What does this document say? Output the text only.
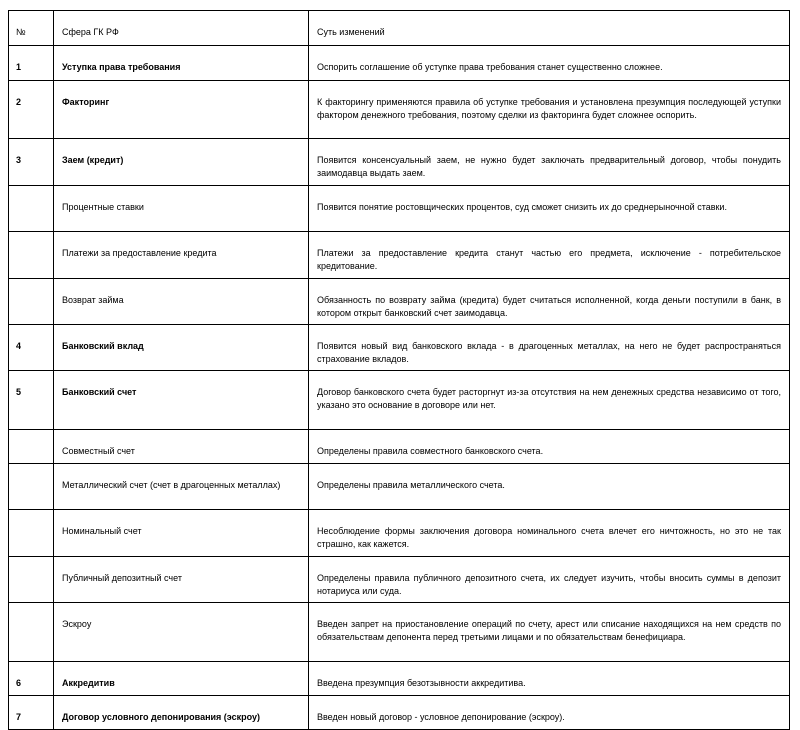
№	Сфера ГК РФ	Суть изменений
1	Уступка права требования	Оспорить соглашение об уступке права требования станет существенно сложнее.
2	Факторинг	К факторингу применяются правила об уступке требования и установлена презумпция последующей уступки фактором денежного требования, поэтому сделки из факторинга будет сложнее оспорить.
3	Заем (кредит)	Появится консенсуальный заем, не нужно будет заключать предварительный договор, чтобы понудить заимодавца выдать заем.
	Процентные ставки	Появится понятие ростовщических процентов, суд сможет снизить их до среднерыночной ставки.
	Платежи за предоставление кредита	Платежи за предоставление кредита станут частью его предмета, исключение - потребительское кредитование.
	Возврат займа	Обязанность по возврату займа (кредита) будет считаться исполненной, когда деньги поступили в банк, в котором открыт банковский счет заимодавца.
4	Банковский вклад	Появится новый вид банковского вклада - в драгоценных металлах, на него не будет распространяться страхование вкладов.
5	Банковский счет	Договор банковского счета будет расторгнут из-за отсутствия на нем денежных средства независимо от того, указано это основание в договоре или нет.
	Совместный счет	Определены правила совместного банковского счета.
	Металлический счет (счет в драгоценных металлах)	Определены правила металлического счета.
	Номинальный счет	Несоблюдение формы заключения договора номинального счета влечет его ничтожность, но это не так страшно, как кажется.
	Публичный депозитный счет	Определены правила публичного депозитного счета, их следует изучить, чтобы вносить суммы в депозит нотариуса или суда.
	Эскроу	Введен запрет на приостановление операций по счету, арест или списание находящихся на нем средств по обязательствам депонента перед третьими лицами и по обязательствам бенефициара.
6	Аккредитив	Введена презумпция безотзывности аккредитива.
7	Договор условного депонирования (эскроу)	Введен новый договор - условное депонирование (эскроу).
